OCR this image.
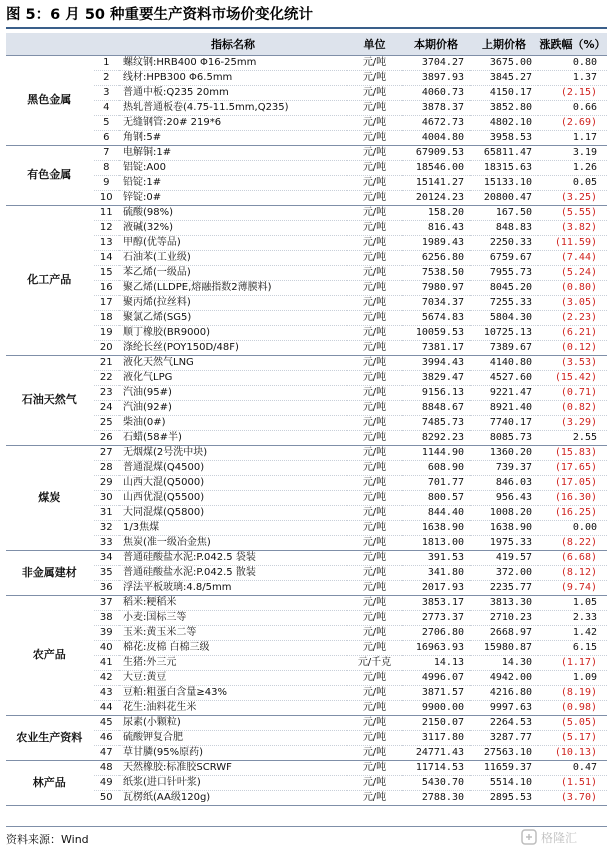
图 5：6 月 50 种重要生产资料市场价变化统计
		指标名称	单位	本期价格	上期价格	涨跌幅（%）
黑色金属	1	螺纹钢:HRB400 Φ16-25mm	元/吨	3704.27	3675.00	0.80
	2	线材:HPB300 Φ6.5mm	元/吨	3897.93	3845.27	1.37
	3	普通中板:Q235 20mm	元/吨	4060.73	4150.17	(2.15)
	4	热轧普通板卷(4.75-11.5mm,Q235)	元/吨	3878.37	3852.80	0.66
	5	无缝钢管:20# 219*6	元/吨	4672.73	4802.10	(2.69)
	6	角钢:5#	元/吨	4004.80	3958.53	1.17
有色金属	7	电解铜:1#	元/吨	67909.53	65811.47	3.19
	8	铝锭:A00	元/吨	18546.00	18315.63	1.26
	9	铅锭:1#	元/吨	15141.27	15133.10	0.05
	10	锌锭:0#	元/吨	20124.23	20800.47	(3.25)
化工产品	11	硫酸(98%)	元/吨	158.20	167.50	(5.55)
	12	液碱(32%)	元/吨	816.43	848.83	(3.82)
	13	甲醇(优等品)	元/吨	1989.43	2250.33	(11.59)
	14	石油苯(工业级)	元/吨	6256.80	6759.67	(7.44)
	15	苯乙烯(一级品)	元/吨	7538.50	7955.73	(5.24)
	16	聚乙烯(LLDPE,熔融指数2薄膜料)	元/吨	7980.97	8045.20	(0.80)
	17	聚丙烯(拉丝料)	元/吨	7034.37	7255.33	(3.05)
	18	聚氯乙烯(SG5)	元/吨	5674.83	5804.30	(2.23)
	19	顺丁橡胶(BR9000)	元/吨	10059.53	10725.13	(6.21)
	20	涤纶长丝(POY150D/48F)	元/吨	7381.17	7389.67	(0.12)
石油天然气	21	液化天然气LNG	元/吨	3994.43	4140.80	(3.53)
	22	液化气LPG	元/吨	3829.47	4527.60	(15.42)
	23	汽油(95#)	元/吨	9156.13	9221.47	(0.71)
	24	汽油(92#)	元/吨	8848.67	8921.40	(0.82)
	25	柴油(0#)	元/吨	7485.73	7740.17	(3.29)
	26	石蜡(58#半)	元/吨	8292.23	8085.73	2.55
煤炭	27	无烟煤(2号洗中块)	元/吨	1144.90	1360.20	(15.83)
	28	普通混煤(Q4500)	元/吨	608.90	739.37	(17.65)
	29	山西大混(Q5000)	元/吨	701.77	846.03	(17.05)
	30	山西优混(Q5500)	元/吨	800.57	956.43	(16.30)
	31	大同混煤(Q5800)	元/吨	844.40	1008.20	(16.25)
	32	1/3焦煤	元/吨	1638.90	1638.90	0.00
	33	焦炭(准一级冶金焦)	元/吨	1813.00	1975.33	(8.22)
非金属建材	34	普通硅酸盐水泥:P.042.5 袋装	元/吨	391.53	419.57	(6.68)
	35	普通硅酸盐水泥:P.042.5 散装	元/吨	341.80	372.00	(8.12)
	36	浮法平板玻璃:4.8/5mm	元/吨	2017.93	2235.77	(9.74)
农产品	37	稻米:粳稻米	元/吨	3853.17	3813.30	1.05
	38	小麦:国标三等	元/吨	2773.37	2710.23	2.33
	39	玉米:黄玉米二等	元/吨	2706.80	2668.97	1.42
	40	棉花:皮棉 白棉三级	元/吨	16963.93	15980.87	6.15
	41	生猪:外三元	元/千克	14.13	14.30	(1.17)
	42	大豆:黄豆	元/吨	4996.07	4942.00	1.09
	43	豆粕:粗蛋白含量≥43%	元/吨	3871.57	4216.80	(8.19)
	44	花生:油料花生米	元/吨	9900.00	9997.63	(0.98)
农业生产资料	45	尿素(小颗粒)	元/吨	2150.07	2264.53	(5.05)
	46	硫酸钾复合肥	元/吨	3117.80	3287.77	(5.17)
	47	草甘膦(95%原药)	元/吨	24771.43	27563.10	(10.13)
林产品	48	天然橡胶:标准胶SCRWF	元/吨	11714.53	11659.37	0.47
	49	纸浆(进口针叶浆)	元/吨	5430.70	5514.10	(1.51)
	50	瓦楞纸(AA级120g)	元/吨	2788.30	2895.53	(3.70)
资料来源：Wind	格隆汇
